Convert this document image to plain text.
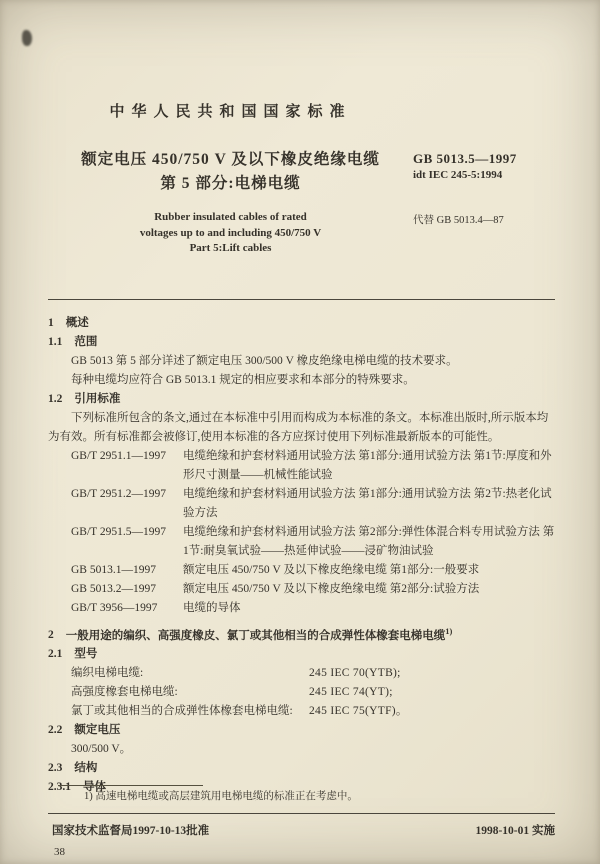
中华人民共和国国家标准
额定电压 450/750 V 及以下橡皮绝缘电缆
第 5 部分:电梯电缆
GB 5013.5—1997
idt IEC 245-5:1994
Rubber insulated cables of rated
voltages up to and including 450/750 V
Part 5:Lift cables
代替 GB 5013.4—87
1 概述
1.1 范围

GB 5013 第 5 部分详述了额定电压 300/500 V 橡皮绝缘电梯电缆的技术要求。

每种电缆均应符合 GB 5013.1 规定的相应要求和本部分的特殊要求。

1.2 引用标准

下列标准所包含的条文,通过在本标准中引用而构成为本标准的条文。本标准出版时,所示版本均为有效。所有标准都会被修订,使用本标准的各方应探讨使用下列标准最新版本的可能性。

GB/T 2951.1—1997	电缆绝缘和护套材料通用试验方法 第1部分:通用试验方法 第1节:厚度和外形尺寸测量——机械性能试验
GB/T 2951.2—1997	电缆绝缘和护套材料通用试验方法 第1部分:通用试验方法 第2节:热老化试验方法
GB/T 2951.5—1997	电缆绝缘和护套材料通用试验方法 第2部分:弹性体混合料专用试验方法 第1节:耐臭氧试验——热延伸试验——浸矿物油试验
GB 5013.1—1997	额定电压 450/750 V 及以下橡皮绝缘电缆 第1部分:一般要求
GB 5013.2—1997	额定电压 450/750 V 及以下橡皮绝缘电缆 第2部分:试验方法
GB/T 3956—1997	电缆的导体
2 一般用途的编织、高强度橡皮、氯丁或其他相当的合成弹性体橡套电梯电缆$^{1)}$
2.1 型号
编织电梯电缆:	245 IEC 70(YTB);
高强度橡套电梯电缆:	245 IEC 74(YT);
氯丁或其他相当的合成弹性体橡套电梯电缆:	245 IEC 75(YTF)。
2.2 额定电压

300/500 V。

2.3 结构
2.3.1 导体
1) 高速电梯电缆或高层建筑用电梯电缆的标准正在考虑中。
国家技术监督局1997-10-13批准	1998-10-01 实施
38
